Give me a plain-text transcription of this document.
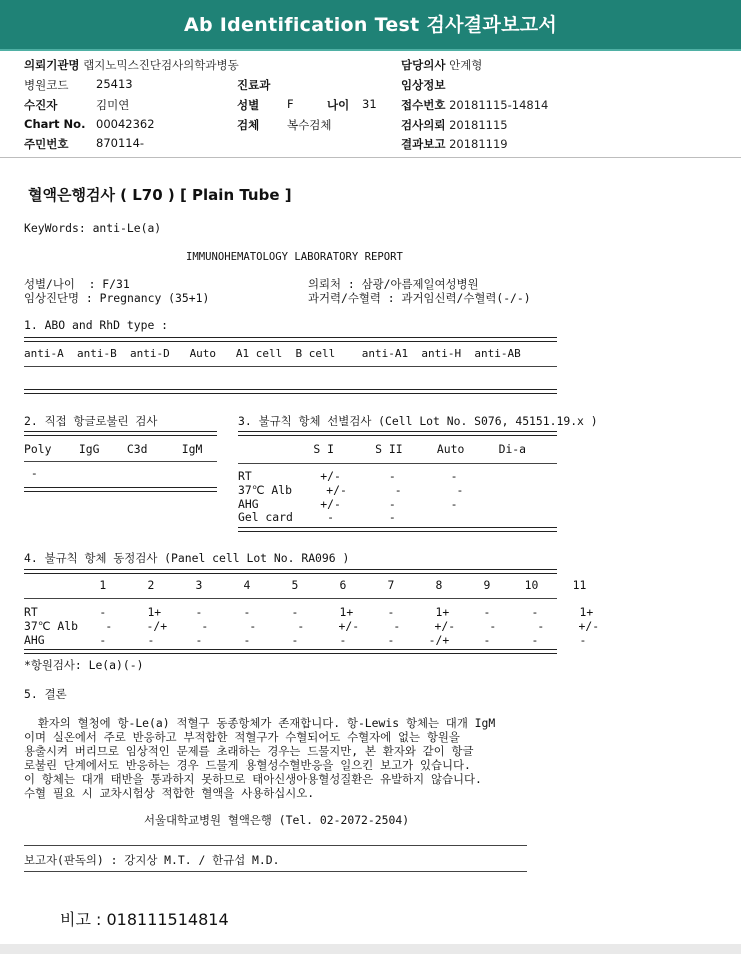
Ab Identification Test 검사결과보고서
의뢰기관명 랩지노믹스진단검사의학과병동	담당의사 안계형
병원코드 25413	진료과	임상정보
수진자	김미연	성별 F	나이 31 접수번호 20181115-14814
Chart No. 00042362	검체 복수검체	검사의뢰 20181115
주민번호 870114-	결과보고 20181119
혈액은행검사 ( L70 ) [ Plain Tube ]
KeyWords: anti-Le(a)
IMMUNOHEMATOLOGY LABORATORY REPORT
성별/나이  : F/31
임상진단명 : Pregnancy (35+1)
의뢰처 : 삼광/아름제일여성병원
과거력/수혈력 : 과거임신력/수혈력(-/-)
1. ABO and RhD type :
anti-A  anti-B  anti-D   Auto   A1 cell  B cell    anti-A1  anti-H  anti-AB
2. 직접 항글로불린 검사
Poly    IgG    C3d     IgM
-
3. 불규칙 항체 선별검사 (Cell Lot No. S076, 45151.19.x )
S I      S II     Auto     Di-a
RT          +/-       -        -
37℃ Alb     +/-       -        -
AHG         +/-       -        -
Gel card     -        -
4. 불규칙 항체 동정검사 (Panel cell Lot No. RA096 )
1      2      3      4      5      6      7      8      9     10     11
RT         -      1+     -      -      -      1+     -      1+     -      -      1+
37℃ Alb    -     -/+     -      -      -     +/-     -     +/-     -      -     +/-
AHG        -      -      -      -      -      -      -     -/+     -      -      -
*항원검사: Le(a)(-)
5. 결론
환자의 혈청에 항-Le(a) 적혈구 동종항체가 존재합니다. 항-Lewis 항체는 대개 IgM
이며 실온에서 주로 반응하고 부적합한 적혈구가 수혈되어도 수혈자에 없는 항원을
용출시켜 버리므로 임상적인 문제를 초래하는 경우는 드물지만, 본 환자와 같이 항글
로불린 단계에서도 반응하는 경우 드물게 용혈성수혈반응을 일으킨 보고가 있습니다.
이 항체는 대개 태반을 통과하지 못하므로 태아신생아용혈성질환은 유발하지 않습니다.
수혈 필요 시 교차시험상 적합한 혈액을 사용하십시오.
서울대학교병원 혈액은행 (Tel. 02-2072-2504)
보고자(판독의) : 강지상 M.T. / 한규섭 M.D.
비고 : 018111514814
